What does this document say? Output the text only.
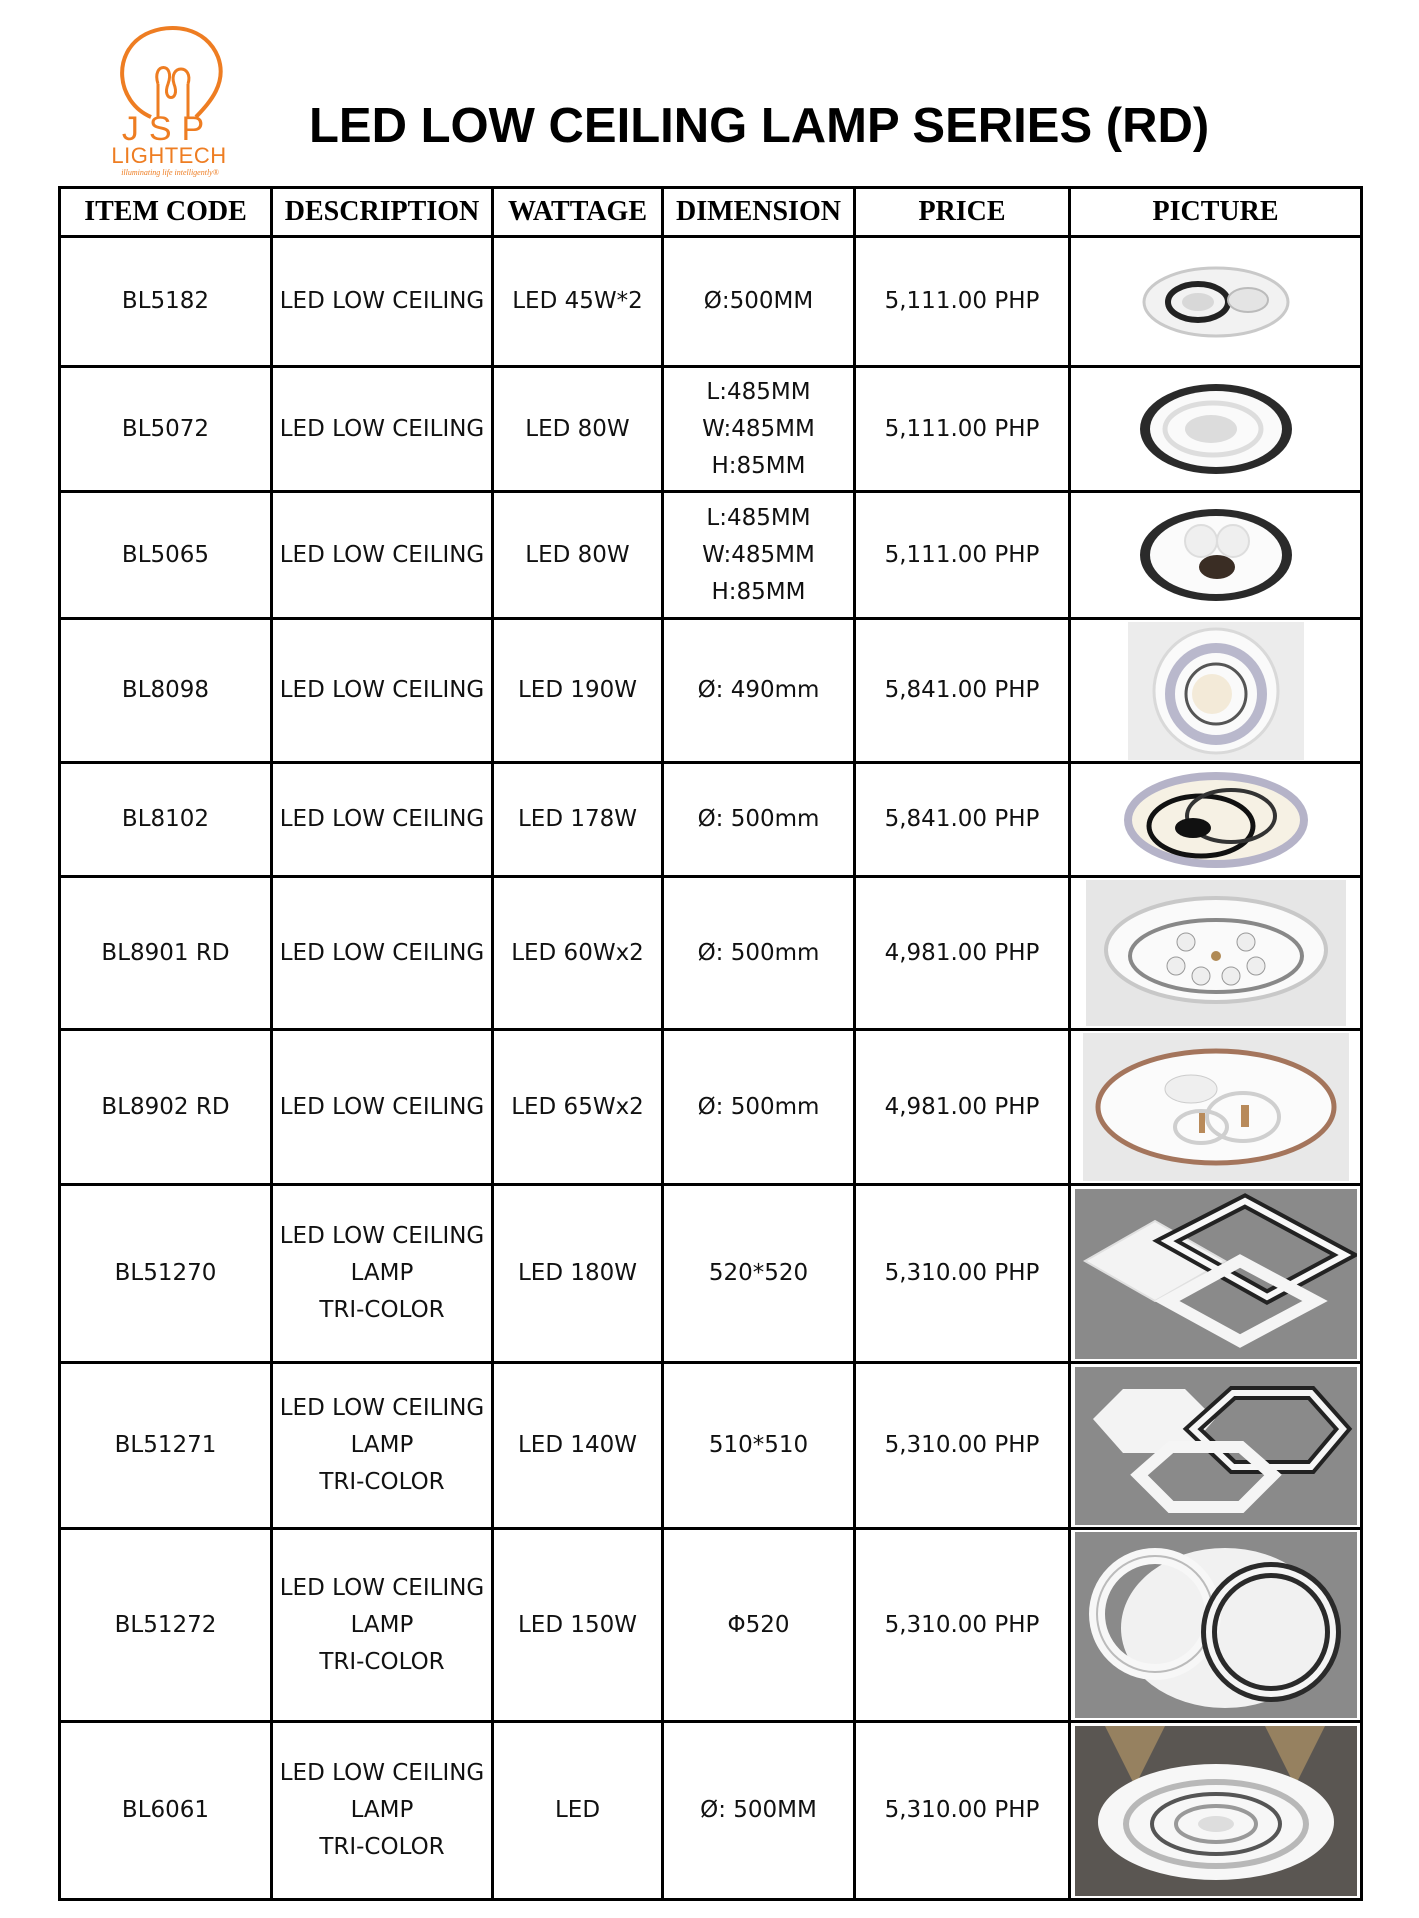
JSP
LIGHTECH
illuminating life intelligently®
LED LOW CEILING LAMP SERIES (RD)
ITEM CODE	DESCRIPTION	WATTAGE	DIMENSION	PRICE	PICTURE
BL5182	LED LOW CEILING	LED 45W*2	Ø:500MM	5,111.00 PHP	

BL5072	LED LOW CEILING	LED 80W	L:485MM
W:485MM
H:85MM	5,111.00 PHP	

BL5065	LED LOW CEILING	LED 80W	L:485MM
W:485MM
H:85MM	5,111.00 PHP	

BL8098	LED LOW CEILING	LED 190W	Ø: 490mm	5,841.00 PHP	

BL8102	LED LOW CEILING	LED 178W	Ø: 500mm	5,841.00 PHP	

BL8901 RD	LED LOW CEILING	LED 60Wx2	Ø: 500mm	4,981.00 PHP	

BL8902 RD	LED LOW CEILING	LED 65Wx2	Ø: 500mm	4,981.00 PHP	

BL51270	LED LOW CEILING
LAMP
TRI-COLOR	LED 180W	520*520	5,310.00 PHP	

BL51271	LED LOW CEILING
LAMP
TRI-COLOR	LED 140W	510*510	5,310.00 PHP	

BL51272	LED LOW CEILING
LAMP
TRI-COLOR	LED 150W	Φ520	5,310.00 PHP	

BL6061	LED LOW CEILING
LAMP
TRI-COLOR	LED	Ø: 500MM	5,310.00 PHP	
